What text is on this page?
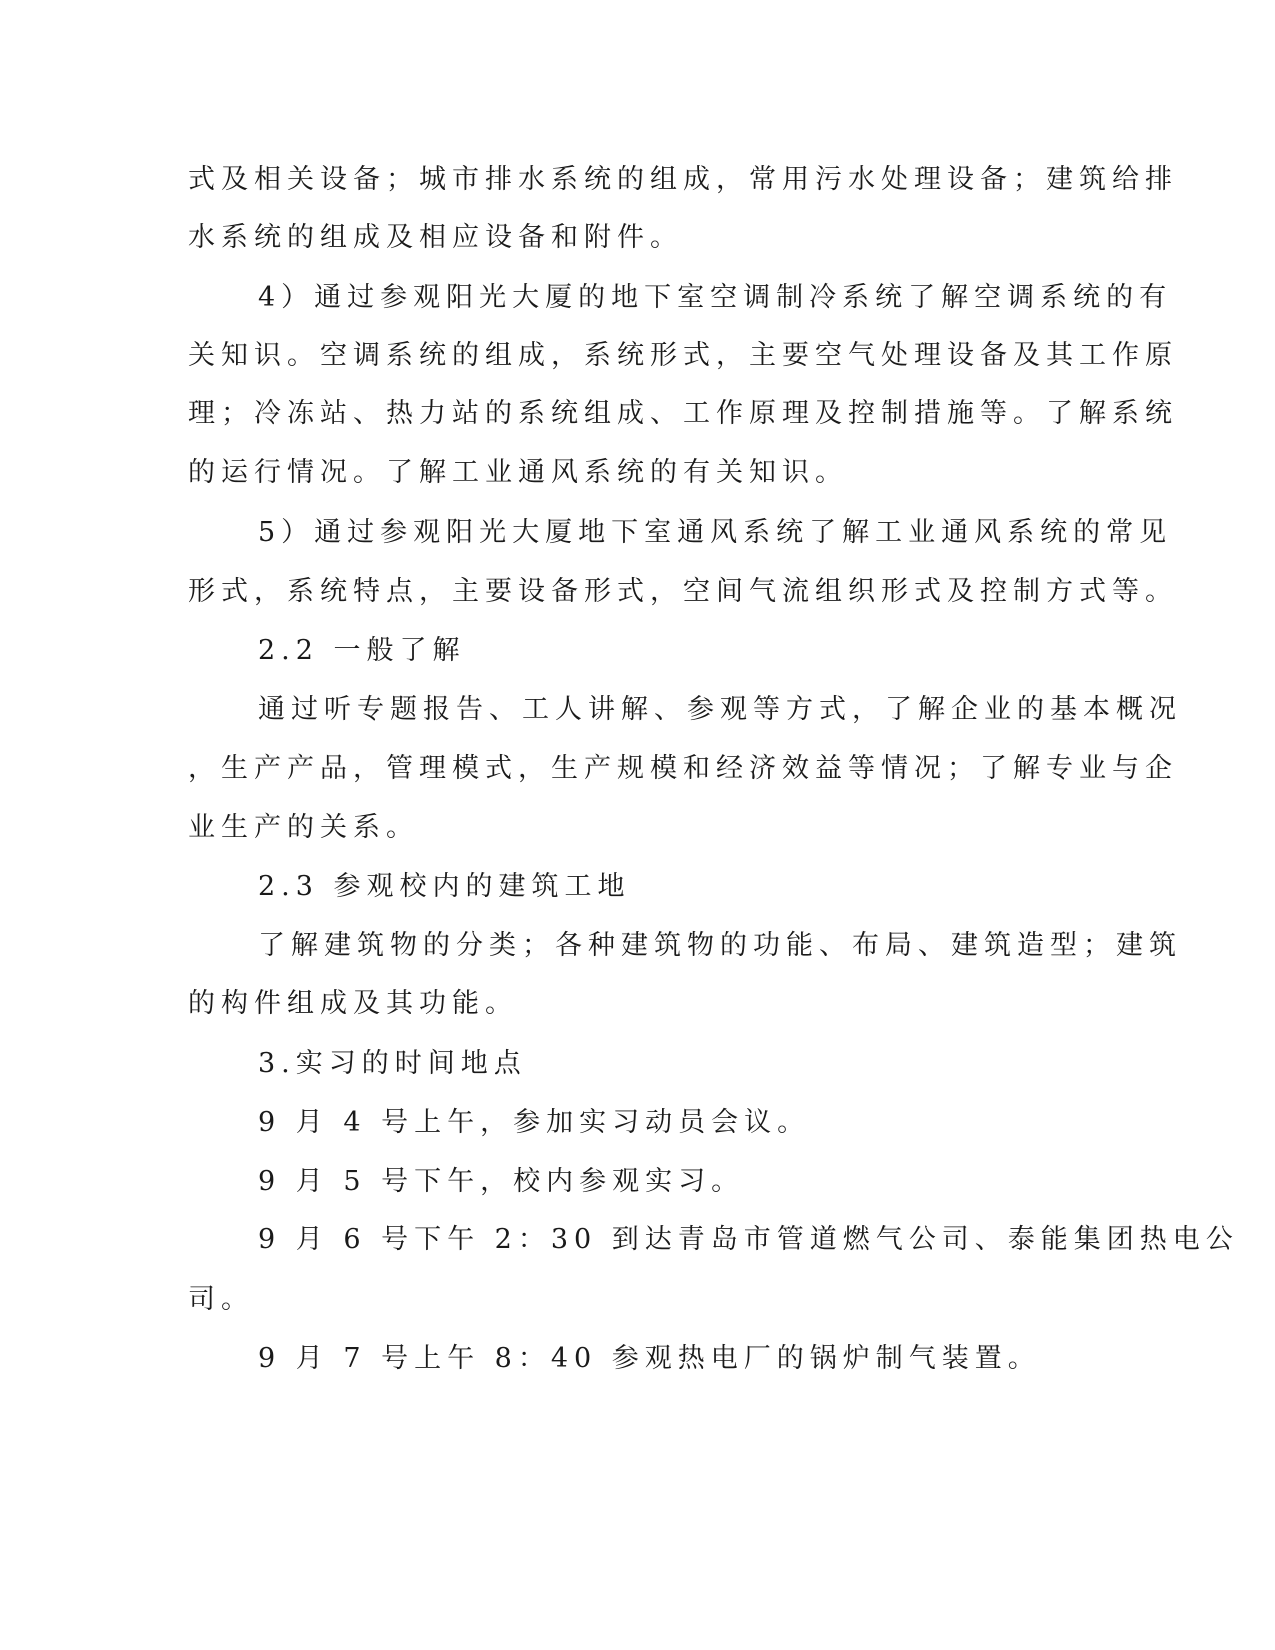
式及相关设备；城市排水系统的组成，常用污水处理设备；建筑给排
水系统的组成及相应设备和附件。
4）通过参观阳光大厦的地下室空调制冷系统了解空调系统的有
关知识。空调系统的组成，系统形式，主要空气处理设备及其工作原
理；冷冻站、热力站的系统组成、工作原理及控制措施等。了解系统
的运行情况。了解工业通风系统的有关知识。
5）通过参观阳光大厦地下室通风系统了解工业通风系统的常见
形式，系统特点，主要设备形式，空间气流组织形式及控制方式等。
2.2 一般了解
通过听专题报告、工人讲解、参观等方式，了解企业的基本概况
，生产产品，管理模式，生产规模和经济效益等情况；了解专业与企
业生产的关系。
2.3 参观校内的建筑工地
了解建筑物的分类；各种建筑物的功能、布局、建筑造型；建筑
的构件组成及其功能。
3.实习的时间地点
9 月 4 号上午，参加实习动员会议。
9 月 5 号下午，校内参观实习。
9 月 6 号下午 2：30 到达青岛市管道燃气公司、泰能集团热电公
司。
9 月 7 号上午 8：40 参观热电厂的锅炉制气装置。
